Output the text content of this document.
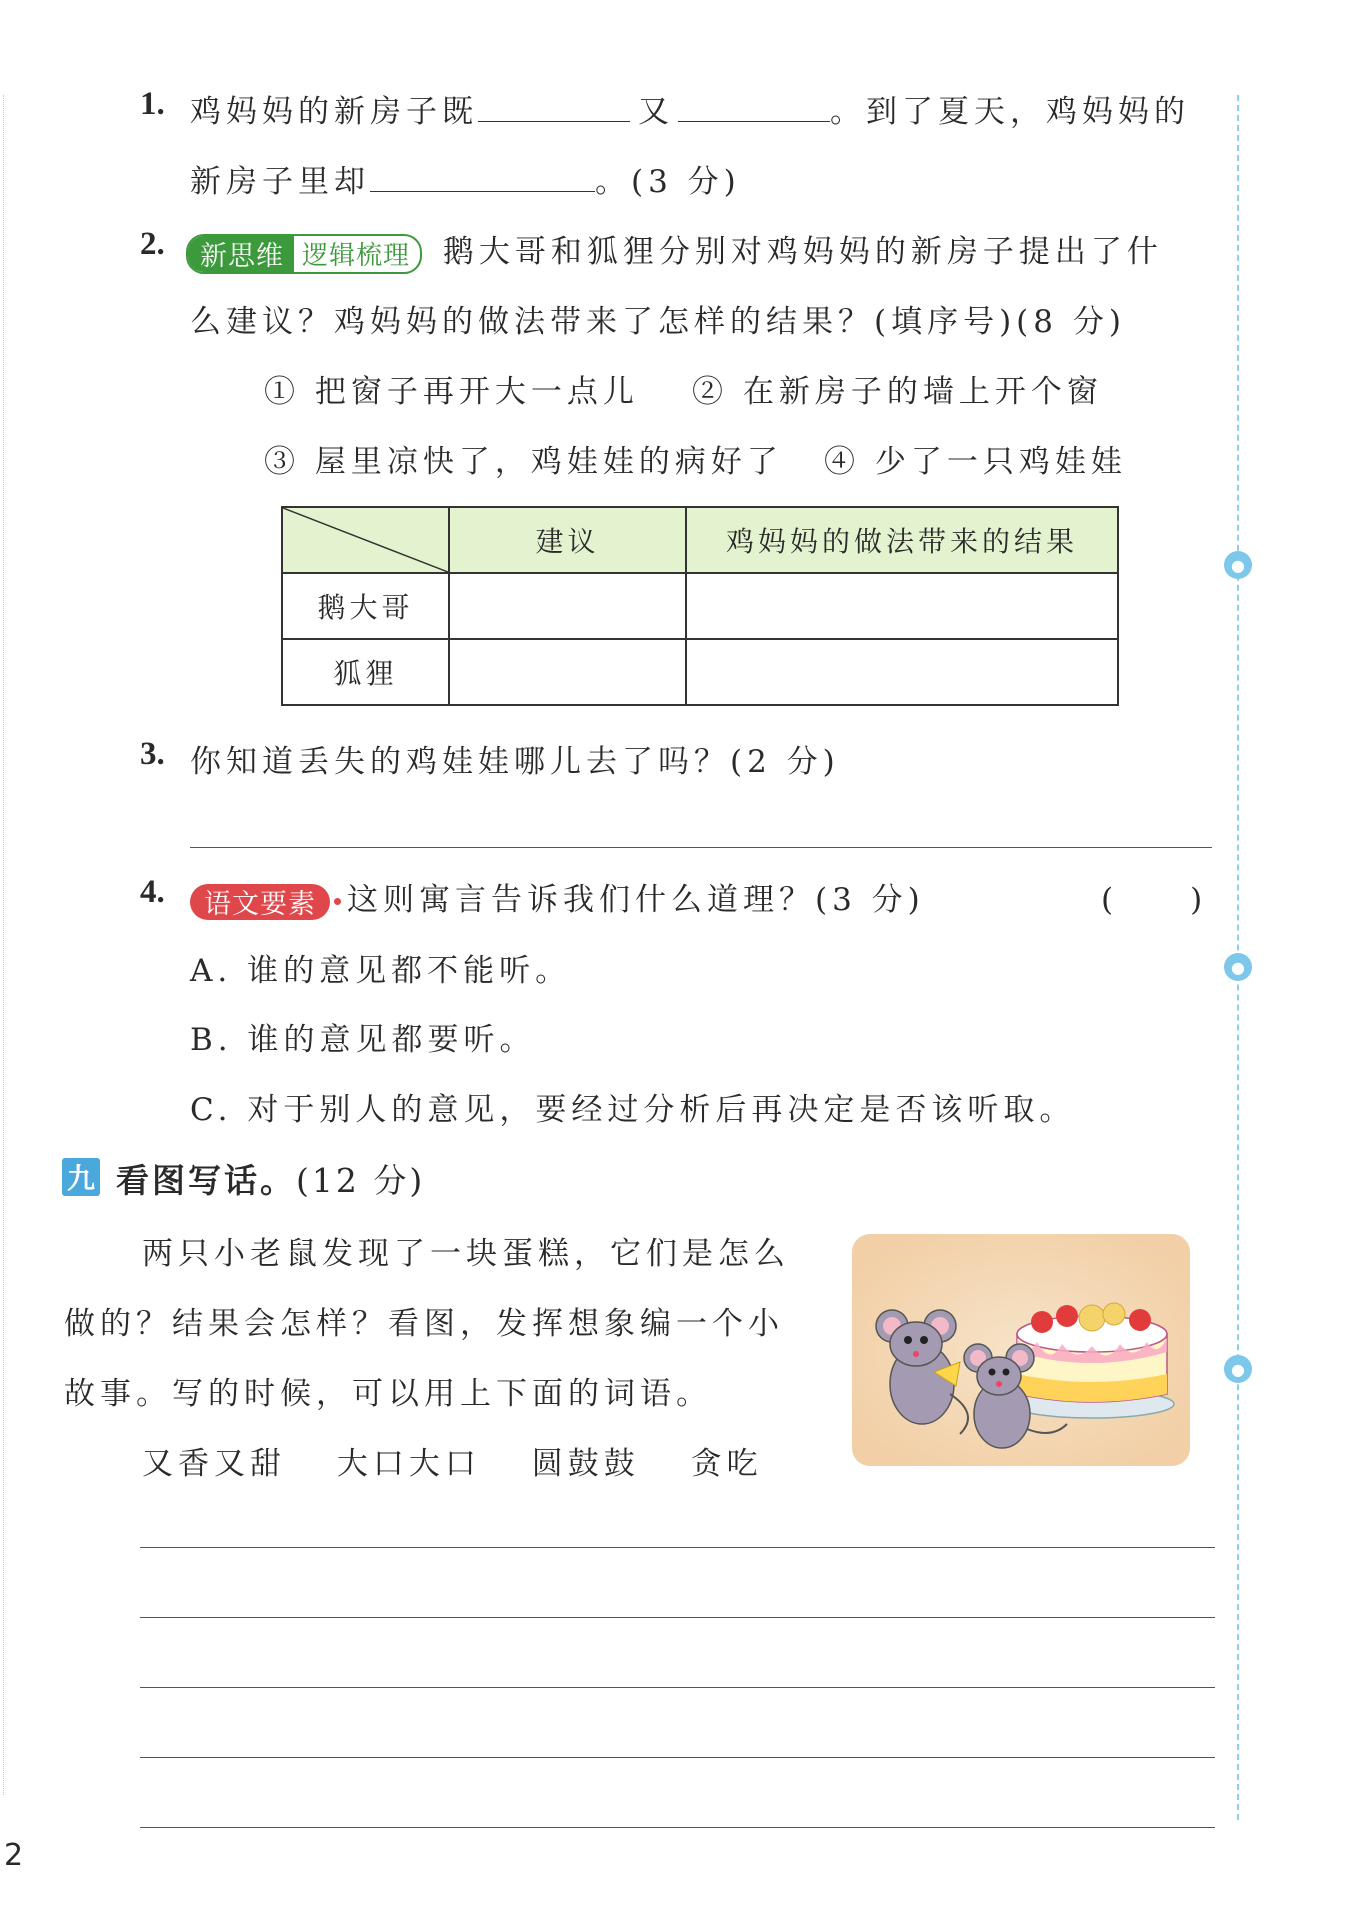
●
●
●
1. 鸡妈妈的新房子既	又	。到了夏天，鸡妈妈的
新房子里却	。(3 分)
2.	新思维 逻辑梳理	鹅大哥和狐狸分别对鸡妈妈的新房子提出了什
么建议？鸡妈妈的做法带来了怎样的结果？(填序号)(8 分)
① 把窗子再开大一点儿 ② 在新房子的墙上开个窗
③ 屋里凉快了，鸡娃娃的病好了 ④ 少了一只鸡娃娃
	建议	鸡妈妈的做法带来的结果
鹅大哥		
狐狸		
3. 你知道丢失的鸡娃娃哪儿去了吗？(2 分)
4. 语文要素 这则寓言告诉我们什么道理？(3 分)	(　　)
A. 谁的意见都不能听。
B. 谁的意见都要听。
C. 对于别人的意见，要经过分析后再决定是否该听取。
九 看图写话。(12 分)
两只小老鼠发现了一块蛋糕，它们是怎么
做的？结果会怎样？看图，发挥想象编一个小
故事。写的时候，可以用上下面的词语。
又香又甜 大口大口 圆鼓鼓 贪吃
2
